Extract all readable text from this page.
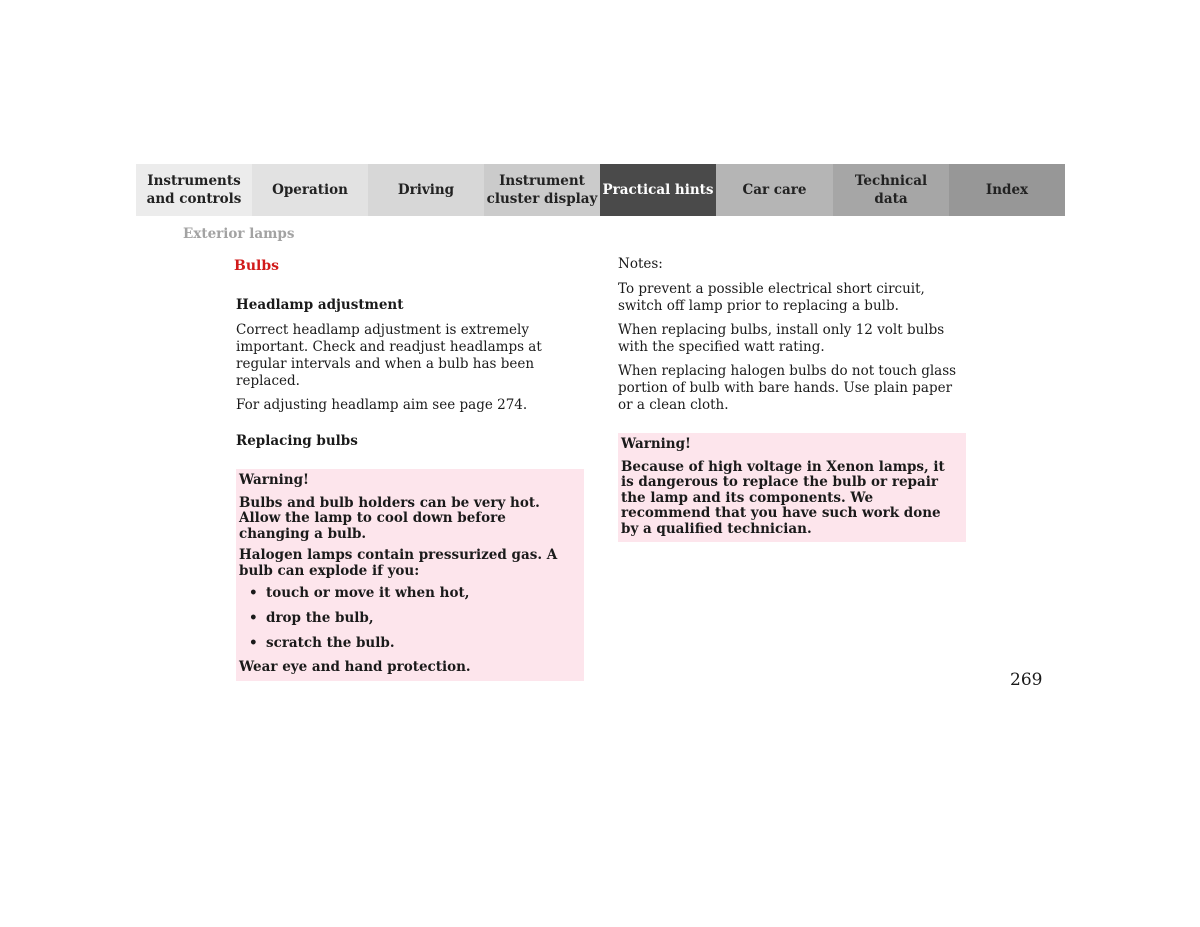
Instruments
and controls
Operation	Driving
Instrument
cluster display
Practical hints	Car care
Technical
data
Index
Exterior lamps
Bulbs
Headlamp adjustment

Correct headlamp adjustment is extremely important. Check and readjust headlamps at regular intervals and when a bulb has been replaced.

For adjusting headlamp aim see page 274.

Replacing bulbs

Warning!

Bulbs and bulb holders can be very hot. Allow the lamp to cool down before changing a bulb.

Halogen lamps contain pressurized gas. A bulb can explode if you:

• touch or move it when hot,
• drop the bulb,
• scratch the bulb.

Wear eye and hand protection.

Notes:

To prevent a possible electrical short circuit, switch off lamp prior to replacing a bulb.

When replacing bulbs, install only 12 volt bulbs with the specified watt rating.

When replacing halogen bulbs do not touch glass portion of bulb with bare hands. Use plain paper or a clean cloth.

Warning!

Because of high voltage in Xenon lamps, it is dangerous to replace the bulb or repair the lamp and its components. We recommend that you have such work done by a qualified technician.

269
